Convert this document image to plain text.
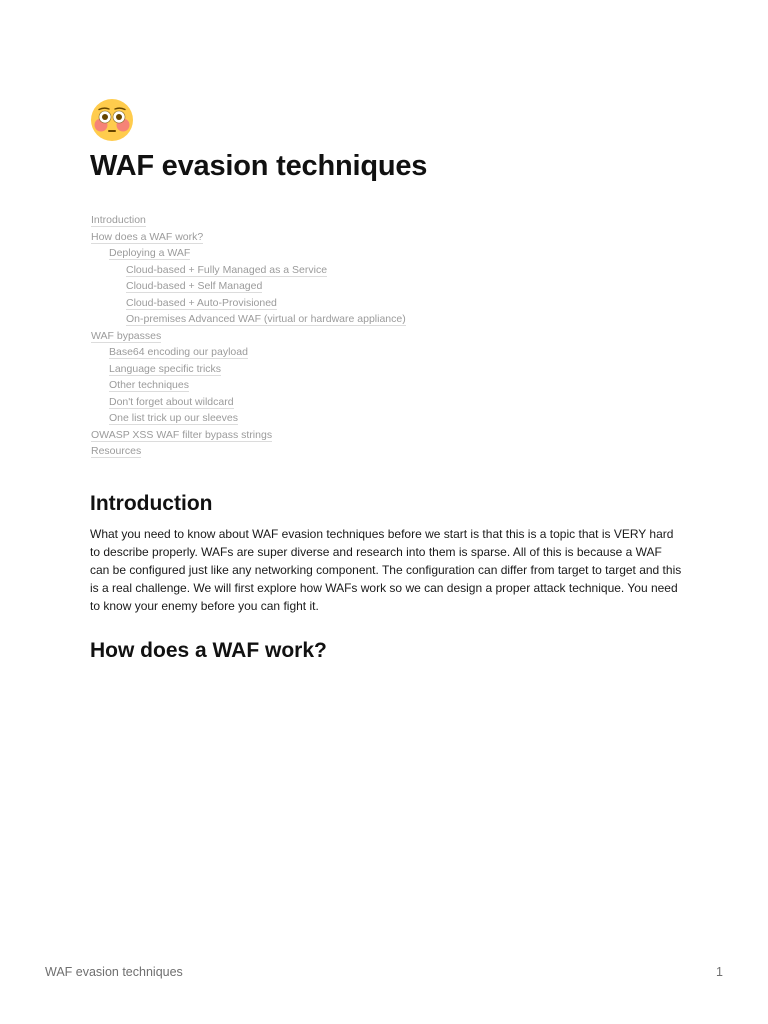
WAF evasion techniques
Introduction
How does a WAF work?
Deploying a WAF
Cloud-based + Fully Managed as a Service
Cloud-based + Self Managed
Cloud-based + Auto-Provisioned
On-premises Advanced WAF (virtual or hardware appliance)
WAF bypasses
Base64 encoding our payload
Language specific tricks
Other techniques
Don't forget about wildcard
One list trick up our sleeves
OWASP XSS WAF filter bypass strings
Resources
Introduction

What you need to know about WAF evasion techniques before we start is that this is a topic that is VERY hard to describe properly. WAFs are super diverse and research into them is sparse. All of this is because a WAF can be configured just like any networking component. The configuration can differ from target to target and this is a real challenge. We will first explore how WAFs work so we can design a proper attack technique. You need to know your enemy before you can fight it.

How does a WAF work?
WAF evasion techniques	1
